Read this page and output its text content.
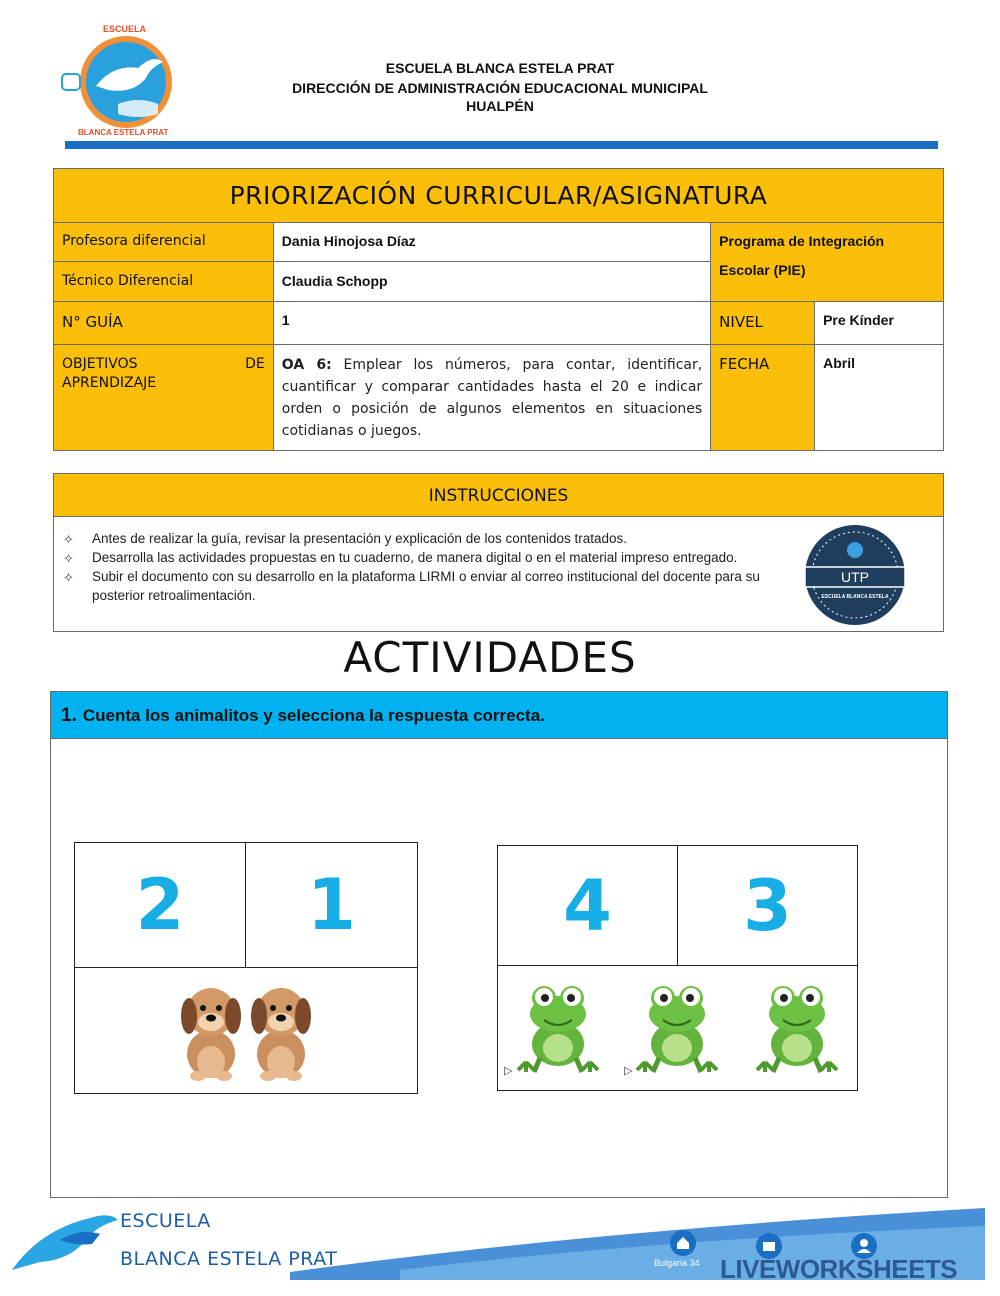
ESCUELA
BLANCA ESTELA PRAT
ESCUELA BLANCA ESTELA PRAT
DIRECCIÓN DE ADMINISTRACIÓN EDUCACIONAL MUNICIPAL
HUALPÉN
PRIORIZACIÓN CURRICULAR/ASIGNATURA			
Profesora diferencial	Dania Hinojosa Díaz	Programa de Integración Escolar (PIE)	
Técnico Diferencial	Claudia Schopp		
N° GUÍA	1	NIVEL	Pre Kínder

OBJETIVOS DE
APRENDIZAJE	OA 6: Emplear los números, para contar, identificar, cuantificar y comparar cantidades hasta el 20 e indicar orden o posición de algunos elementos en situaciones cotidianas o juegos.	FECHA	Abril
INSTRUCCIONES
⟡ Antes de realizar la guía, revisar la presentación y explicación de los contenidos tratados.
⟡ Desarrolla las actividades propuestas en tu cuaderno, de manera digital o en el material impreso entregado.
⟡ Subir el documento con su desarrollo en la plataforma LIRMI o enviar al correo institucional del docente para su posterior retroalimentación.
UTP
ESCUELA BLANCA ESTELA
ACTIVIDADES
1. Cuenta los animalitos y selecciona la respuesta correcta.
2	1	4	3
▷	▷
ESCUELA
BLANCA ESTELA PRAT	Bulgaria 34 LIVEWORKSHEETS
